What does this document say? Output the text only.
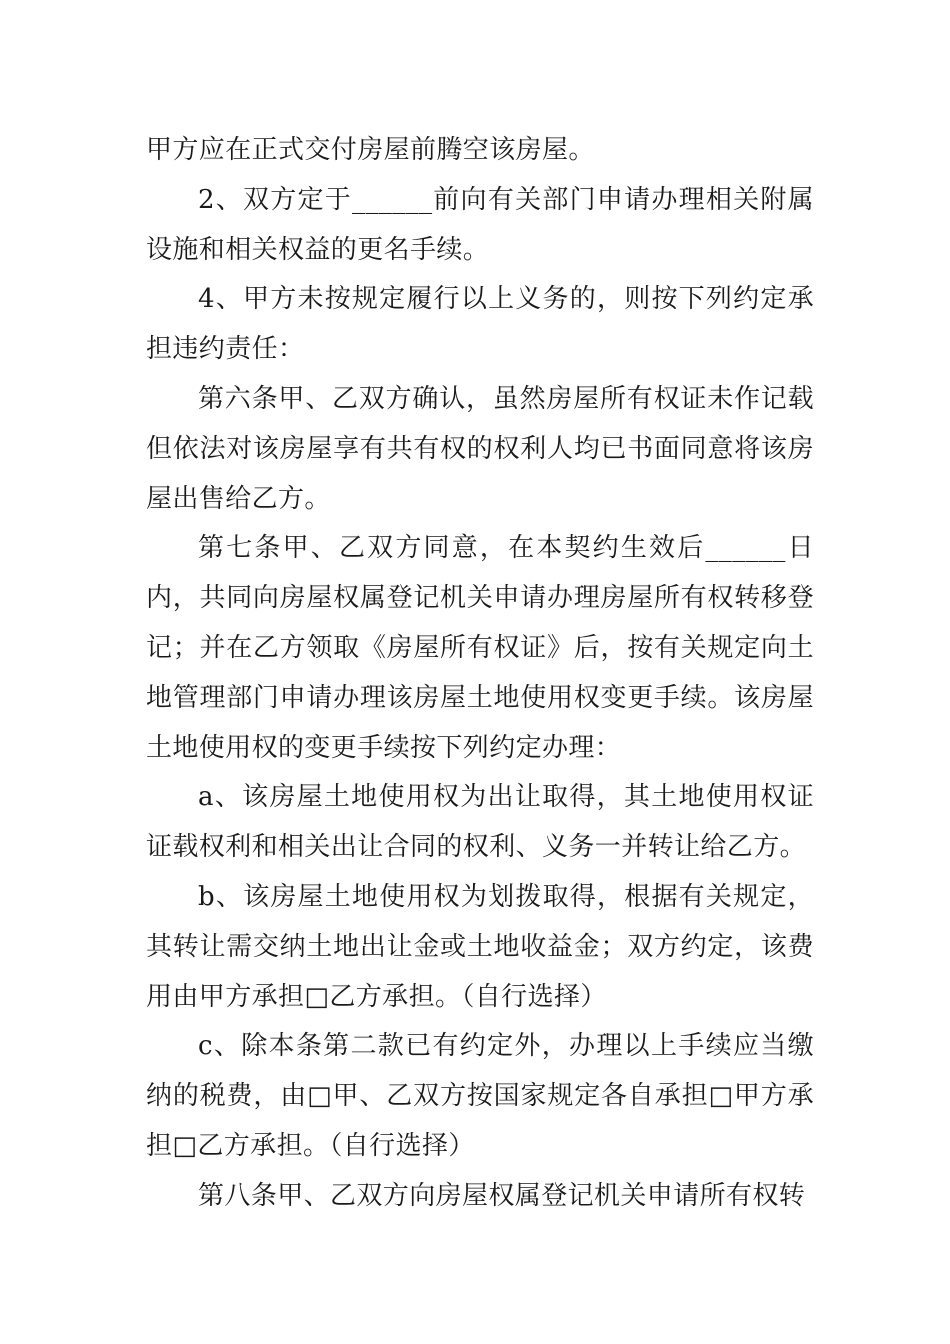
甲方应在正式交付房屋前腾空该房屋。

2、双方定于______前向有关部门申请办理相关附属设施和相关权益的更名手续。

4、甲方未按规定履行以上义务的，则按下列约定承担违约责任：

第六条甲、乙双方确认，虽然房屋所有权证未作记载但依法对该房屋享有共有权的权利人均已书面同意将该房屋出售给乙方。

第七条甲、乙双方同意，在本契约生效后______日内，共同向房屋权属登记机关申请办理房屋所有权转移登记；并在乙方领取《房屋所有权证》后，按有关规定向土地管理部门申请办理该房屋土地使用权变更手续。该房屋土地使用权的变更手续按下列约定办理：

a、该房屋土地使用权为出让取得，其土地使用权证证载权利和相关出让合同的权利、义务一并转让给乙方。

b、该房屋土地使用权为划拨取得，根据有关规定，其转让需交纳土地出让金或土地收益金；双方约定，该费用由甲方承担□乙方承担。（自行选择）

c、除本条第二款已有约定外，办理以上手续应当缴纳的税费，由□甲、乙双方按国家规定各自承担□甲方承担□乙方承担。（自行选择）

第八条甲、乙双方向房屋权属登记机关申请所有权转
